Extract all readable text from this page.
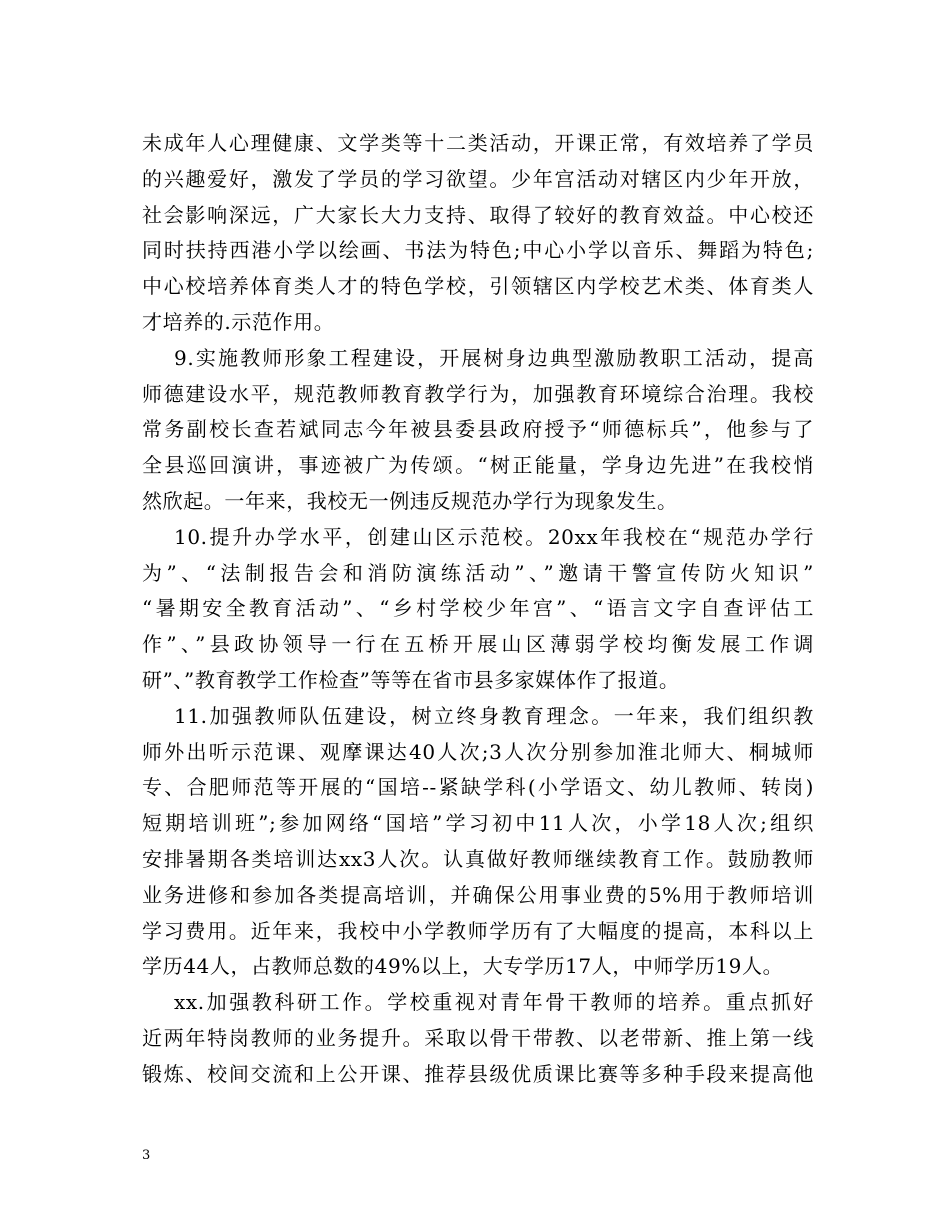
未成年人心理健康、文学类等十二类活动，开课正常，有效培养了学员
的兴趣爱好，激发了学员的学习欲望。少年宫活动对辖区内少年开放，
社会影响深远，广大家长大力支持、取得了较好的教育效益。中心校还
同时扶持西港小学以绘画、书法为特色;中心小学以音乐、舞蹈为特色;
中心校培养体育类人才的特色学校，引领辖区内学校艺术类、体育类人
才培养的.示范作用。
9.实施教师形象工程建设，开展树身边典型激励教职工活动，提高
师德建设水平，规范教师教育教学行为，加强教育环境综合治理。我校
常务副校长查若斌同志今年被县委县政府授予“师德标兵”，他参与了
全县巡回演讲，事迹被广为传颂。“树正能量，学身边先进”在我校悄
然欣起。一年来，我校无一例违反规范办学行为现象发生。
10.提升办学水平，创建山区示范校。20xx年我校在“规范办学行
为”、“法制报告会和消防演练活动”、”邀请干警宣传防火知识”
“暑期安全教育活动”、“乡村学校少年宫”、“语言文字自查评估工
作”、”县政协领导一行在五桥开展山区薄弱学校均衡发展工作调
研”、”教育教学工作检查”等等在省市县多家媒体作了报道。
11.加强教师队伍建设，树立终身教育理念。一年来，我们组织教
师外出听示范课、观摩课达40人次;3人次分别参加淮北师大、桐城师
专、合肥师范等开展的“国培--紧缺学科(小学语文、幼儿教师、转岗)
短期培训班”;参加网络“国培”学习初中11人次，小学18人次;组织
安排暑期各类培训达xx3人次。认真做好教师继续教育工作。鼓励教师
业务进修和参加各类提高培训，并确保公用事业费的5%用于教师培训
学习费用。近年来，我校中小学教师学历有了大幅度的提高，本科以上
学历44人，占教师总数的49%以上，大专学历17人，中师学历19人。
xx.加强教科研工作。学校重视对青年骨干教师的培养。重点抓好
近两年特岗教师的业务提升。采取以骨干带教、以老带新、推上第一线
锻炼、校间交流和上公开课、推荐县级优质课比赛等多种手段来提高他
3
